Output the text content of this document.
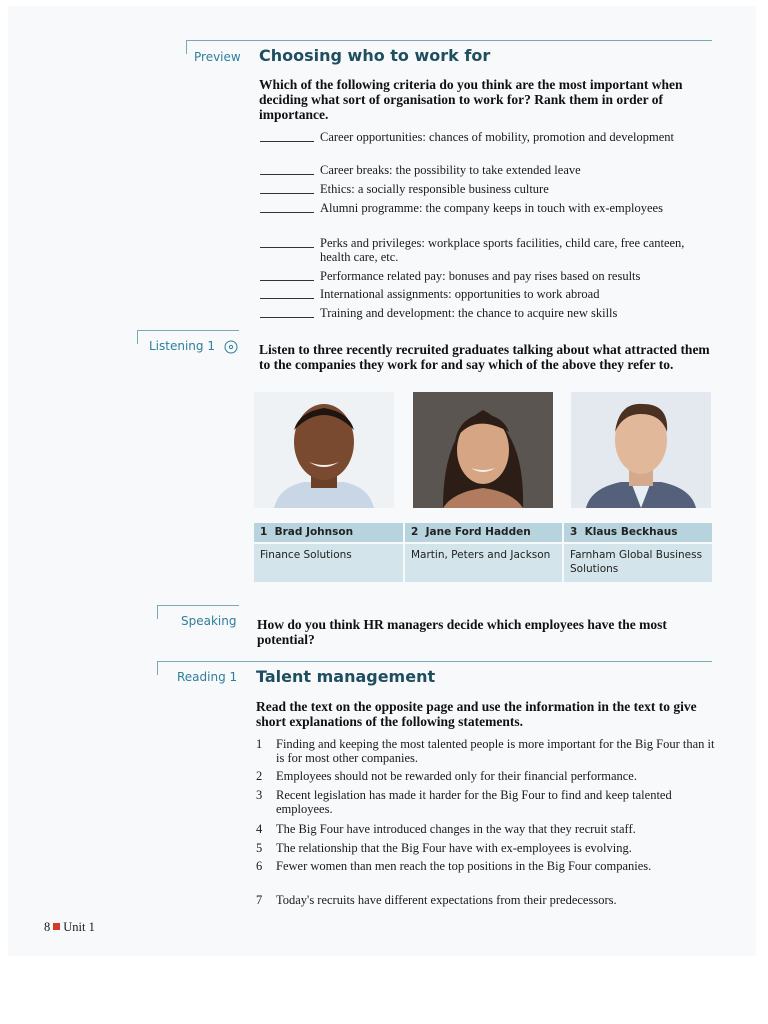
Preview Choosing who to work for
Which of the following criteria do you think are the most important when deciding what sort of organisation to work for? Rank them in order of importance.
Career opportunities: chances of mobility, promotion and development
Career breaks: the possibility to take extended leave
Ethics: a socially responsible business culture
Alumni programme: the company keeps in touch with ex-employees
Perks and privileges: workplace sports facilities, child care, free canteen, health care, etc.
Performance related pay: bonuses and pay rises based on results
International assignments: opportunities to work abroad
Training and development: the chance to acquire new skills
Listening 1	Listen to three recently recruited graduates talking about what attracted them to the companies they work for and say which of the above they refer to.
1 Brad Johnson	2 Jane Ford Hadden	3 Klaus Beckhaus
Finance Solutions	Martin, Peters and Jackson	Farnham Global Business Solutions
Speaking How do you think HR managers decide which employees have the most potential?
Reading 1 Talent management
Read the text on the opposite page and use the information in the text to give short explanations of the following statements.
1	Finding and keeping the most talented people is more important for the Big Four than it is for most other companies.
2	Employees should not be rewarded only for their financial performance.
3	Recent legislation has made it harder for the Big Four to find and keep talented employees.
4	The Big Four have introduced changes in the way that they recruit staff.
5	The relationship that the Big Four have with ex-employees is evolving.
6	Fewer women than men reach the top positions in the Big Four companies.
7	Today's recruits have different expectations from their predecessors.
8 Unit 1
